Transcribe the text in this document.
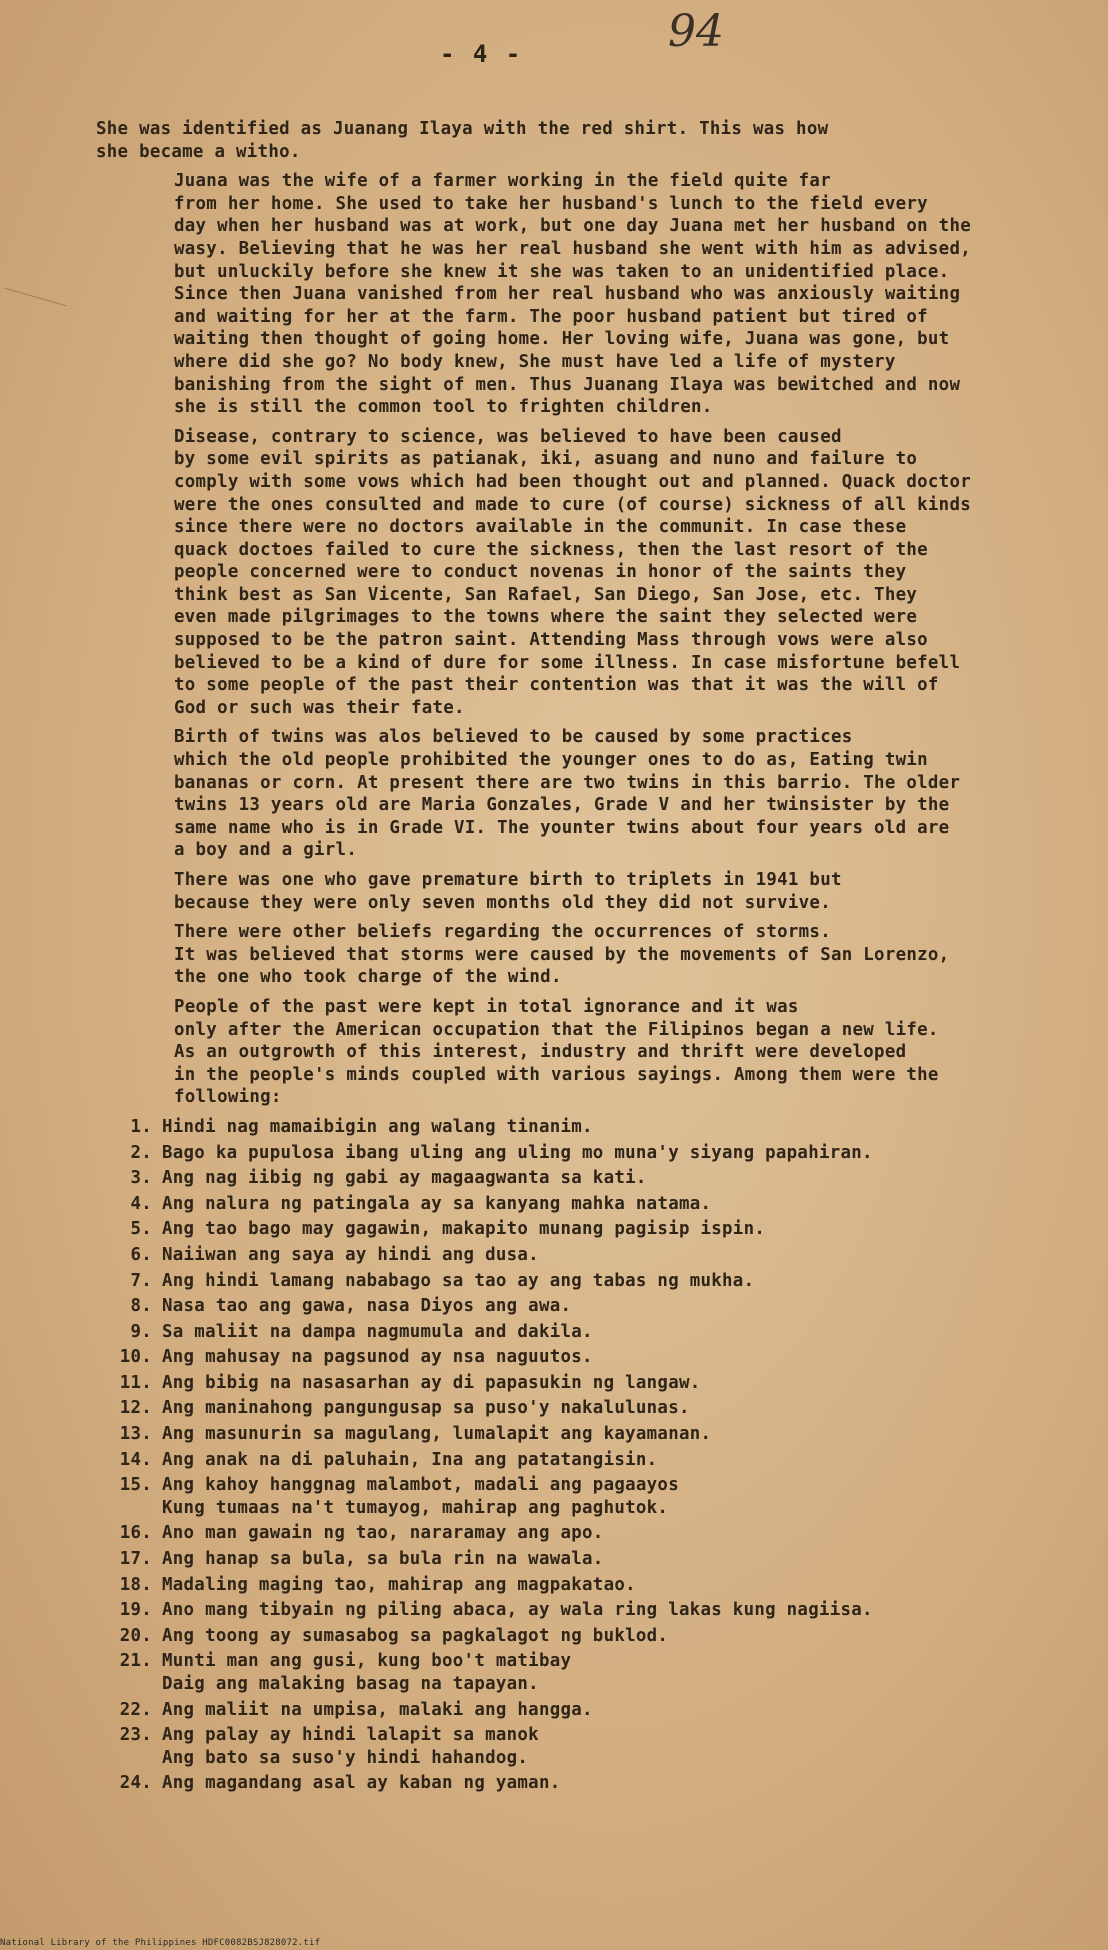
- 4 -	94
She was identified as Juanang Ilaya with the red shirt. This was how
she became a witho.
Juana was the wife of a farmer working in the field quite far
from her home. She used to take her husband's lunch to the field every
day when her husband was at work, but one day Juana met her husband on the
wasy. Believing that he was her real husband she went with him as advised,
but unluckily before she knew it she was taken to an unidentified place.
Since then Juana vanished from her real husband who was anxiously waiting
and waiting for her at the farm. The poor husband patient but tired of
waiting then thought of going home. Her loving wife, Juana was gone, but
where did she go? No body knew, She must have led a life of mystery
banishing from the sight of men. Thus Juanang Ilaya was bewitched and now
she is still the common tool to frighten children.
Disease, contrary to science, was believed to have been caused
by some evil spirits as patianak, iki, asuang and nuno and failure to
comply with some vows which had been thought out and planned. Quack doctor
were the ones consulted and made to cure (of course) sickness of all kinds
since there were no doctors available in the communit. In case these
quack doctoes failed to cure the sickness, then the last resort of the
people concerned were to conduct novenas in honor of the saints they
think best as San Vicente, San Rafael, San Diego, San Jose, etc. They
even made pilgrimages to the towns where the saint they selected were
supposed to be the patron saint. Attending Mass through vows were also
believed to be a kind of dure for some illness. In case misfortune befell
to some people of the past their contention was that it was the will of
God or such was their fate.
Birth of twins was alos believed to be caused by some practices
which the old people prohibited the younger ones to do as, Eating twin
bananas or corn. At present there are two twins in this barrio. The older
twins 13 years old are Maria Gonzales, Grade V and her twinsister by the
same name who is in Grade VI. The younter twins about four years old are
a boy and a girl.
There was one who gave premature birth to triplets in 1941 but
because they were only seven months old they did not survive.
There were other beliefs regarding the occurrences of storms.
It was believed that storms were caused by the movements of San Lorenzo,
the one who took charge of the wind.
People of the past were kept in total ignorance and it was
only after the American occupation that the Filipinos began a new life.
As an outgrowth of this interest, industry and thrift were developed
in the people's minds coupled with various sayings. Among them were the
following:
1. Hindi nag mamaibigin ang walang tinanim.
2. Bago ka pupulosa ibang uling ang uling mo muna'y siyang papahiran.
3. Ang nag iibig ng gabi ay magaagwanta sa kati.
4. Ang nalura ng patingala ay sa kanyang mahka natama.
5. Ang tao bago may gagawin, makapito munang pagisip ispin.
6. Naiiwan ang saya ay hindi ang dusa.
7. Ang hindi lamang nababago sa tao ay ang tabas ng mukha.
8. Nasa tao ang gawa, nasa Diyos ang awa.
9. Sa maliit na dampa nagmumula and dakila.
10. Ang mahusay na pagsunod ay nsa naguutos.
11. Ang bibig na nasasarhan ay di papasukin ng langaw.
12. Ang maninahong pangungusap sa puso'y nakalulunas.
13. Ang masunurin sa magulang, lumalapit ang kayamanan.
14. Ang anak na di paluhain, Ina ang patatangisin.
15. Ang kahoy hanggnag malambot, madali ang pagaayos
Kung tumaas na't tumayog, mahirap ang paghutok.
16. Ano man gawain ng tao, nararamay ang apo.
17. Ang hanap sa bula, sa bula rin na wawala.
18. Madaling maging tao, mahirap ang magpakatao.
19. Ano mang tibyain ng piling abaca, ay wala ring lakas kung nagiisa.
20. Ang toong ay sumasabog sa pagkalagot ng buklod.
21. Munti man ang gusi, kung boo't matibay
Daig ang malaking basag na tapayan.
22. Ang maliit na umpisa, malaki ang hangga.
23. Ang palay ay hindi lalapit sa manok
Ang bato sa suso'y hindi hahandog.
24. Ang magandang asal ay kaban ng yaman.
National Library of the Philippines HDFC0082BSJ828072.tif
